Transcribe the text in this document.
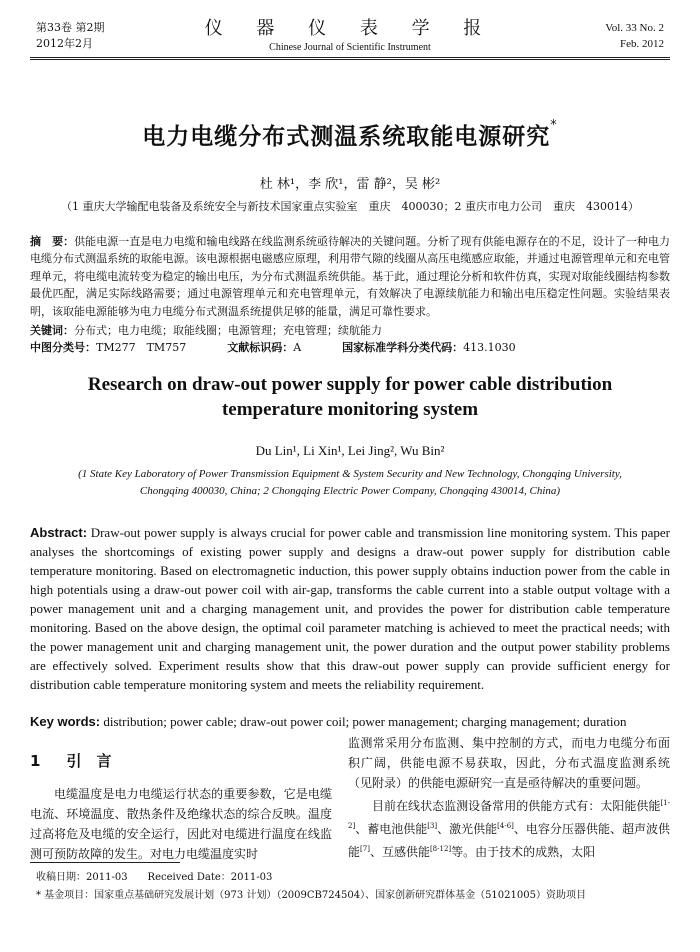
第33卷 第2期
2012年2月
仪 器 仪 表 学 报
Chinese Journal of Scientific Instrument
Vol. 33 No. 2
Feb. 2012
电力电缆分布式测温系统取能电源研究*
杜 林¹，李 欣¹，雷 静²，吴 彬²
（1 重庆大学输配电装备及系统安全与新技术国家重点实验室　重庆　400030；2 重庆市电力公司　重庆　430014）
摘　要：供能电源一直是电力电缆和输电线路在线监测系统亟待解决的关键问题。分析了现有供能电源存在的不足，设计了一种电力电缆分布式测温系统的取能电源。该电源根据电磁感应原理，利用带气隙的线圈从高压电缆感应取能，并通过电源管理单元和充电管理单元，将电缆电流转变为稳定的输出电压，为分布式测温系统供能。基于此，通过理论分析和软件仿真，实现对取能线圈结构参数最优匹配，满足实际线路需要；通过电源管理单元和充电管理单元，有效解决了电源续航能力和输出电压稳定性问题。实验结果表明，该取能电源能够为电力电缆分布式测温系统提供足够的能量，满足可靠性要求。
关键词：分布式；电力电缆；取能线圈；电源管理；充电管理；续航能力
中图分类号：TM277　TM757	文献标识码：A	国家标准学科分类代码：413.1030
Research on draw-out power supply for power cable distribution
temperature monitoring system
Du Lin¹, Li Xin¹, Lei Jing², Wu Bin²
(1 State Key Laboratory of Power Transmission Equipment & System Security and New Technology, Chongqing University,
Chongqing 400030, China; 2 Chongqing Electric Power Company, Chongqing 430014, China)
Abstract: Draw-out power supply is always crucial for power cable and transmission line monitoring system. This paper analyses the shortcomings of existing power supply and designs a draw-out power supply for distribution cable temperature monitoring. Based on electromagnetic induction, this power supply obtains induction power from the cable in high potentials using a draw-out power coil with air-gap, transforms the cable current into a stable output voltage with a power management unit and a charging management unit, and provides the power for distribution cable temperature monitoring. Based on the above design, the optimal coil parameter matching is achieved to meet the practical needs; with the power management unit and charging management unit, the power duration and the output power stability problems are effectively solved. Experiment results show that this draw-out power supply can provide sufficient energy for distribution cable temperature monitoring system and meets the reliability requirement.
Key words: distribution; power cable; draw-out power coil; power management; charging management; duration
1 引　言
电缆温度是电力电缆运行状态的重要参数，它是电缆电流、环境温度、散热条件及绝缘状态的综合反映。温度过高将危及电缆的安全运行，因此对电缆进行温度在线监测可预防故障的发生。对电力电缆温度实时
监测常采用分布监测、集中控制的方式，而电力电缆分布面积广阔，供能电源不易获取，因此，分布式温度监测系统（见附录）的供能电源研究一直是亟待解决的重要问题。
目前在线状态监测设备常用的供能方式有：太阳能供能[1-2]、蓄电池供能[3]、激光供能[4-6]、电容分压器供能、超声波供能[7]、互感供能[8-12]等。由于技术的成熟，太阳
收稿日期：2011-03　　Received Date：2011-03
* 基金项目：国家重点基础研究发展计划（973 计划）（2009CB724504）、国家创新研究群体基金（51021005）资助项目
